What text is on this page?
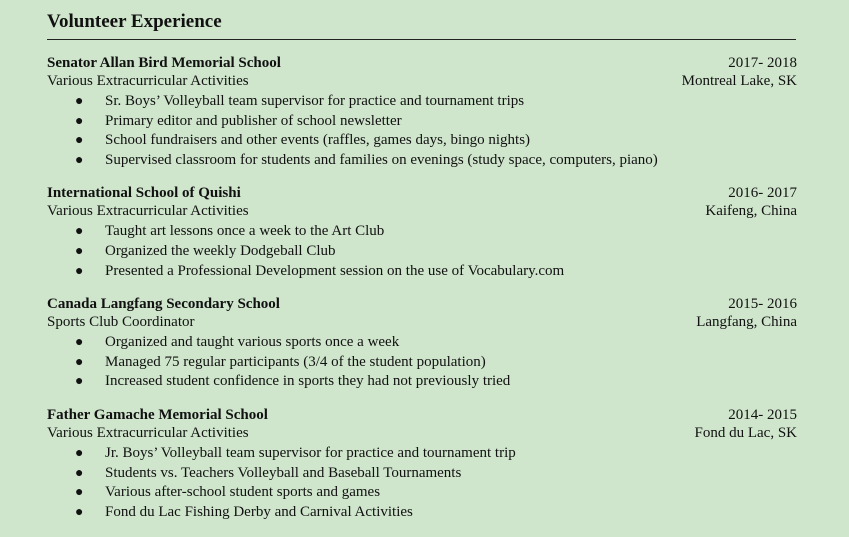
Volunteer Experience
Senator Allan Bird Memorial School	2017- 2018
Various Extracurricular Activities	Montreal Lake, SK
● Sr. Boys’ Volleyball team supervisor for practice and tournament trips
● Primary editor and publisher of school newsletter
● School fundraisers and other events (raffles, games days, bingo nights)
● Supervised classroom for students and families on evenings (study space, computers, piano)
International School of Quishi	2016- 2017
Various Extracurricular Activities	Kaifeng, China
● Taught art lessons once a week to the Art Club
● Organized the weekly Dodgeball Club
● Presented a Professional Development session on the use of Vocabulary.com
Canada Langfang Secondary School	2015- 2016
Sports Club Coordinator	Langfang, China
● Organized and taught various sports once a week
● Managed 75 regular participants (3/4 of the student population)
● Increased student confidence in sports they had not previously tried
Father Gamache Memorial School	2014- 2015
Various Extracurricular Activities	Fond du Lac, SK
● Jr. Boys’ Volleyball team supervisor for practice and tournament trip
● Students vs. Teachers Volleyball and Baseball Tournaments
● Various after-school student sports and games
● Fond du Lac Fishing Derby and Carnival Activities
